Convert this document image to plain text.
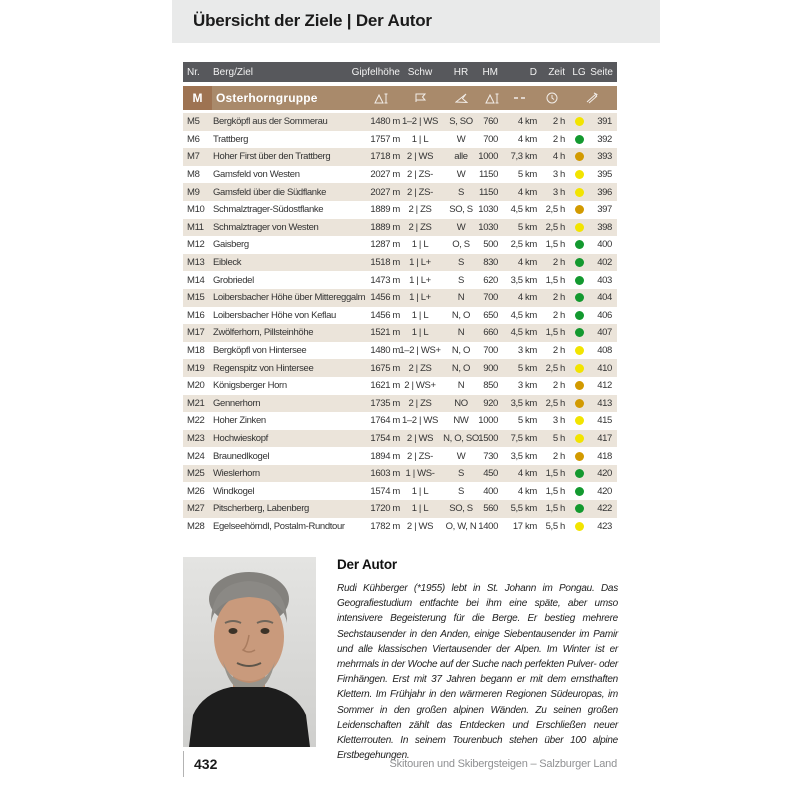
Übersicht der Ziele | Der Autor
Nr.	Berg/Ziel	Gipfelhöhe Schw	HR	HM	D	Zeit LG Seite
M	Osterhorngruppe
M5	Bergköpfl aus der Sommerau	1480 m 1–2 | WS	S, SO	760	4 km	2 h	391
M6	Trattberg	1757 m	1 | L	W	700	4 km	2 h	392
M7	Hoher First über den Trattberg	1718 m 2 | WS	alle	1000	7,3 km	4 h	393
M8	Gamsfeld von Westen	2027 m 2 | ZS-	W	1150	5 km	3 h	395
M9	Gamsfeld über die Südflanke	2027 m 2 | ZS-	S	1150	4 km	3 h	396
M10 Schmalztrager-Südostflanke	1889 m 2 | ZS	SO, S 1030	4,5 km 2,5 h	397
M11 Schmalztrager von Westen	1889 m 2 | ZS	W	1030	5 km 2,5 h	398
M12 Gaisberg	1287 m	1 | L	O, S	500	2,5 km 1,5 h	400
M13 Eibleck	1518 m 1 | L+	S	830	4 km	2 h	402
M14 Grobriedel	1473 m 1 | L+	S	620	3,5 km 1,5 h	403
M15 Loibersbacher Höhe über Mittereggalm 1456 m 1 | L+	N	700	4 km	2 h	404
M16 Loibersbacher Höhe von Keflau	1456 m	1 | L	N, O	650	4,5 km	2 h	406
M17 Zwölferhorn, Pillsteinhöhe	1521 m	1 | L	N	660	4,5 km 1,5 h	407
M18 Bergköpfl von Hintersee	1480 m 1–2 | WS+	N, O	700	3 km	2 h	408
M19 Regenspitz von Hintersee	1675 m 2 | ZS	N, O	900	5 km 2,5 h	410
M20 Königsberger Horn	1621 m 2 | WS+	N	850	3 km	2 h	412
M21 Gennerhorn	1735 m 2 | ZS	NO	920	3,5 km 2,5 h	413
M22 Hoher Zinken	1764 m 1–2 | WS	NW	1000	5 km	3 h	415
M23 Hochwieskopf	1754 m 2 | WS	N, O, SO 1500	7,5 km	5 h	417
M24 Braunedlkogel	1894 m 2 | ZS-	W	730	3,5 km	2 h	418
M25 Wieslerhorn	1603 m 1 | WS-	S	450	4 km 1,5 h	420
M26 Windkogel	1574 m	1 | L	S	400	4 km 1,5 h	420
M27 Pitscherberg, Labenberg	1720 m	1 | L	SO, S	560	5,5 km 1,5 h	422
M28 Egelseehörndl, Postalm-Rundtour	1782 m 2 | WS	O, W, N 1400	17 km 5,5 h	423
Der Autor

Rudi Kühberger (*1955) lebt in St. Johann im Pongau. Das Geografiestudium entfachte bei ihm eine späte, aber umso intensivere Begeisterung für die Berge. Er bestieg mehrere Sechstausender in den Anden, einige Siebentausender im Pamir und alle klassischen Viertausender der Alpen. Im Winter ist er mehrmals in der Woche auf der Suche nach perfekten Pulver- oder Firnhängen. Erst mit 37 Jahren begann er mit dem ernsthaften Klettern. Im Frühjahr in den wärmeren Regionen Südeuropas, im Sommer in den großen alpinen Wänden. Zu seinen großen Leidenschaften zählt das Entdecken und Erschließen neuer Kletterrouten. In seinem Tourenbuch stehen über 100 alpine Erstbegehungen.

432	Skitouren und Skibergsteigen – Salzburger Land
